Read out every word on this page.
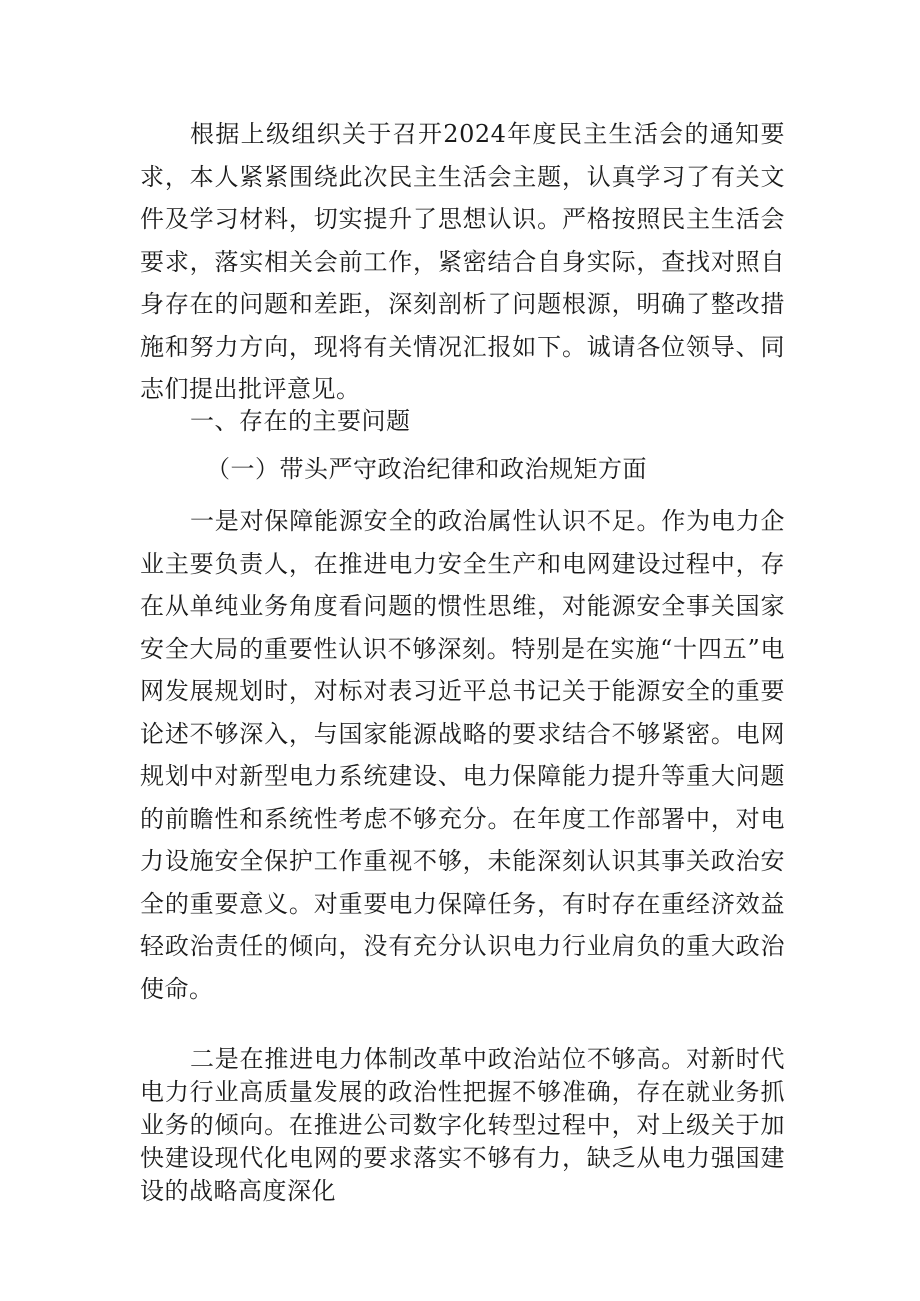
根据上级组织关于召开2024年度民主生活会的通知要求，本人紧紧围绕此次民主生活会主题，认真学习了有关文件及学习材料，切实提升了思想认识。严格按照民主生活会要求，落实相关会前工作，紧密结合自身实际，查找对照自身存在的问题和差距，深刻剖析了问题根源，明确了整改措施和努力方向，现将有关情况汇报如下。诚请各位领导、同志们提出批评意见。

一、存在的主要问题

（一）带头严守政治纪律和政治规矩方面

一是对保障能源安全的政治属性认识不足。作为电力企业主要负责人，在推进电力安全生产和电网建设过程中，存在从单纯业务角度看问题的惯性思维，对能源安全事关国家安全大局的重要性认识不够深刻。特别是在实施“十四五”电网发展规划时，对标对表习近平总书记关于能源安全的重要论述不够深入，与国家能源战略的要求结合不够紧密。电网规划中对新型电力系统建设、电力保障能力提升等重大问题的前瞻性和系统性考虑不够充分。在年度工作部署中，对电力设施安全保护工作重视不够，未能深刻认识其事关政治安全的重要意义。对重要电力保障任务，有时存在重经济效益轻政治责任的倾向，没有充分认识电力行业肩负的重大政治使命。

二是在推进电力体制改革中政治站位不够高。对新时代电力行业高质量发展的政治性把握不够准确，存在就业务抓业务的倾向。在推进公司数字化转型过程中，对上级关于加快建设现代化电网的要求落实不够有力，缺乏从电力强国建设的战略高度深化
